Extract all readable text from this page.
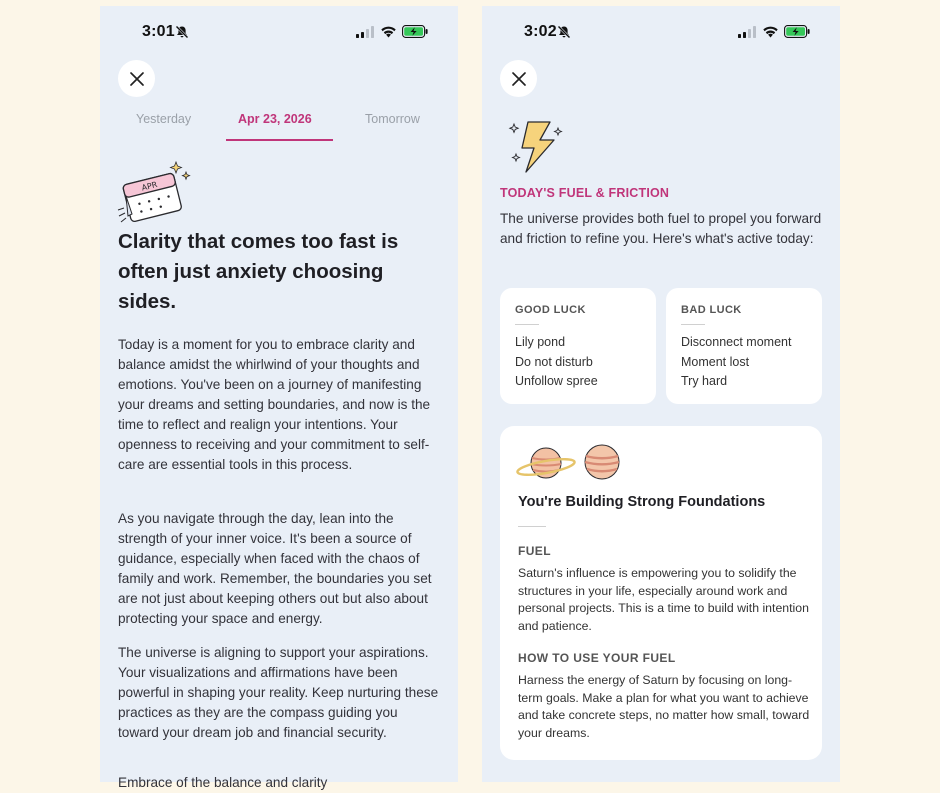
3:01
Yesterday	Apr 23, 2026	Tomorrow
APR
Clarity that comes too fast is often just anxiety choosing sides.

Today is a moment for you to embrace clarity and balance amidst the whirlwind of your thoughts and emotions. You've been on a journey of manifesting your dreams and setting boundaries, and now is the time to reflect and realign your intentions. Your openness to receiving and your commitment to self-care are essential tools in this process.

As you navigate through the day, lean into the strength of your inner voice. It's been a source of guidance, especially when faced with the chaos of family and work. Remember, the boundaries you set are not just about keeping others out but also about protecting your space and energy.

The universe is aligning to support your aspirations. Your visualizations and affirmations have been powerful in shaping your reality. Keep nurturing these practices as they are the compass guiding you toward your dream job and financial security.

Embrace of the balance and clarity

3:02
TODAY'S FUEL & FRICTION

The universe provides both fuel to propel you forward and friction to refine you. Here's what's active today:

GOOD LUCK
Lily pond
Do not disturb
Unfollow spree
BAD LUCK
Disconnect moment
Moment lost
Try hard
You're Building Strong Foundations
FUEL

Saturn's influence is empowering you to solidify the structures in your life, especially around work and personal projects. This is a time to build with intention and patience.

HOW TO USE YOUR FUEL

Harness the energy of Saturn by focusing on long-term goals. Make a plan for what you want to achieve and take concrete steps, no matter how small, toward your dreams.
